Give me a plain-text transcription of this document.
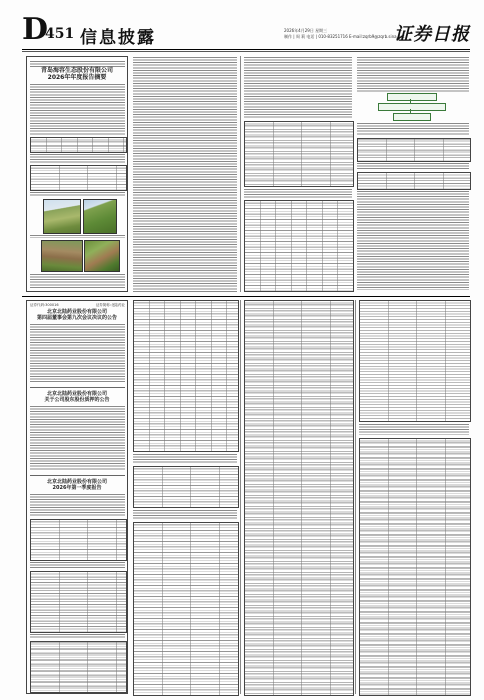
D
451 信息披露	2026年4月29日 星期三
制作 | 周 莉 电话 | 010-83251716 E-mail:zqrb9@zqrb.sina.net
证券日报
青岛海容生态股份有限公司
2026年年度报告摘要
证券代码:300016	证券简称:北陆药业
北京北陆药业股份有限公司
第四届董事会第九次会议决议的公告
北京北陆药业股份有限公司
关于公司股东股份质押的公告
北京北陆药业股份有限公司
2026年第一季度报告
